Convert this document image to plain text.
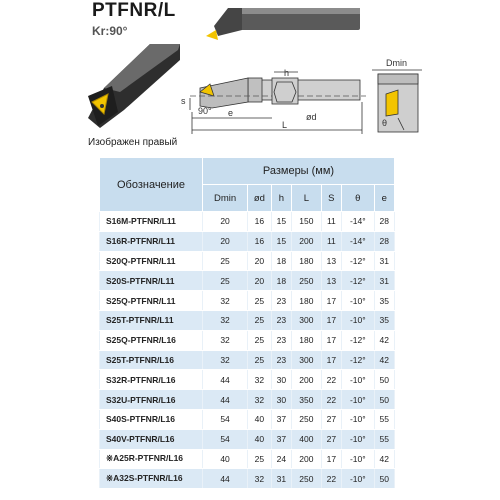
PTFNR/L
Kr:90°
h
s
90° e
L
ød
Dmin
θ
Изображен правый
Обозначение	Размеры (мм)						
	Dmin	ød	h	L	S	θ	e
S16M-PTFNR/L11	20	16	15	150	11	-14°	28
S16R-PTFNR/L11	20	16	15	200	11	-14°	28
S20Q-PTFNR/L11	25	20	18	180	13	-12°	31
S20S-PTFNR/L11	25	20	18	250	13	-12°	31
S25Q-PTFNR/L11	32	25	23	180	17	-10°	35
S25T-PTFNR/L11	32	25	23	300	17	-10°	35
S25Q-PTFNR/L16	32	25	23	180	17	-12°	42
S25T-PTFNR/L16	32	25	23	300	17	-12°	42
S32R-PTFNR/L16	44	32	30	200	22	-10°	50
S32U-PTFNR/L16	44	32	30	350	22	-10°	50
S40S-PTFNR/L16	54	40	37	250	27	-10°	55
S40V-PTFNR/L16	54	40	37	400	27	-10°	55
※A25R-PTFNR/L16	40	25	24	200	17	-10°	42
※A32S-PTFNR/L16	44	32	31	250	22	-10°	50
